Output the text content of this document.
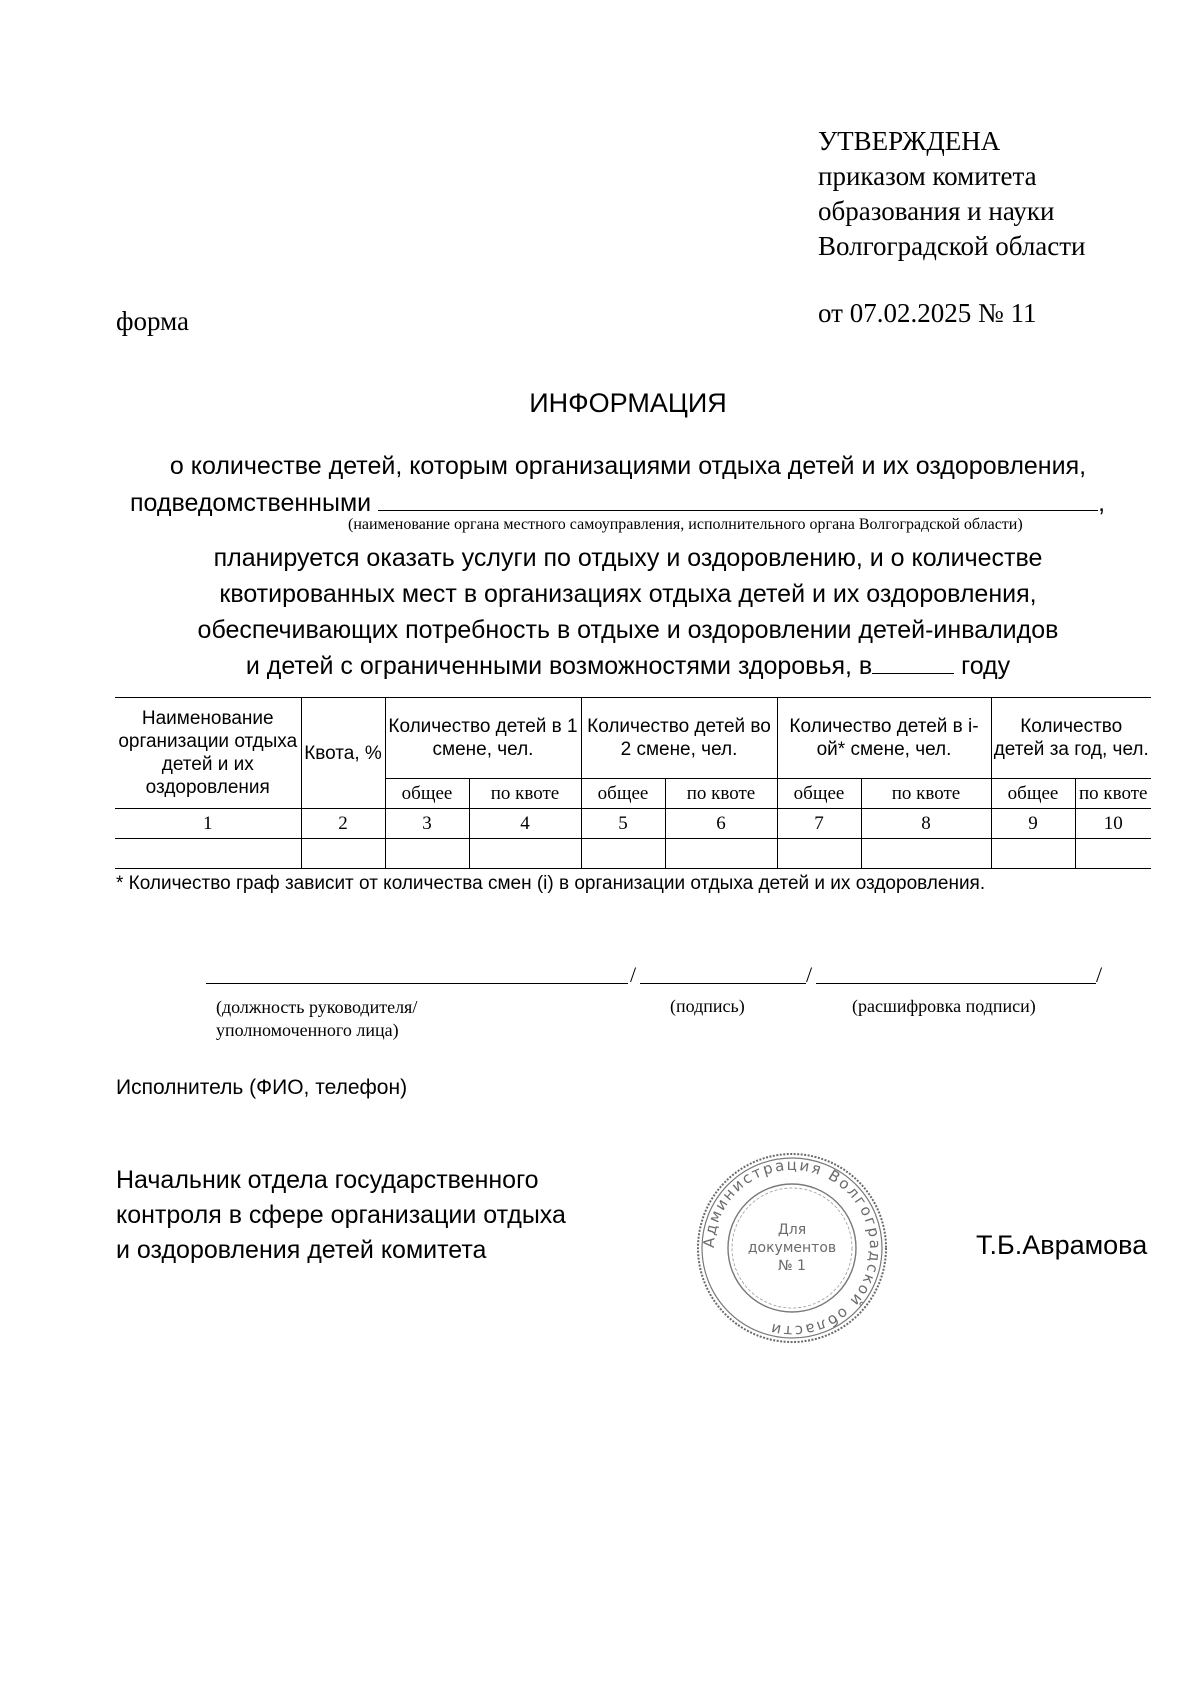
УТВЕРЖДЕНА
приказом комитета
образования и науки
Волгоградской области
от 07.02.2025 № 11
форма
ИНФОРМАЦИЯ
о количестве детей, которым организациями отдыха детей и их оздоровления,
подведомственными	,
(наименование органа местного самоуправления, исполнительного органа Волгоградской области)
планируется оказать услуги по отдыху и оздоровлению, и о количестве
квотированных мест в организациях отдыха детей и их оздоровления,
обеспечивающих потребность в отдыхе и оздоровлении детей-инвалидов
и детей с ограниченными возможностями здоровья, в	году
Наименование организации отдыха детей и их оздоровления	Квота, %	Количество детей в 1 смене, чел.		Количество детей во 2 смене, чел.		Количество детей в i-ой* смене, чел.		Количество детей за год, чел.	
		общее	по квоте	общее	по квоте	общее	по квоте	общее	по квоте
1	2	3	4	5	6	7	8	9	10

* Количество граф зависит от количества смен (i) в организации отдыха детей и их оздоровления.
/	/	/
(должность руководителя/
уполномоченного лица)
(подпись)	(расшифровка подписи)
Исполнитель (ФИО, телефон)
Начальник отдела государственного
контроля в сфере организации отдыха
и оздоровления детей комитета	Администрация Волгоградской области
Для
документов
№ 1
Т.Б.Аврамова
